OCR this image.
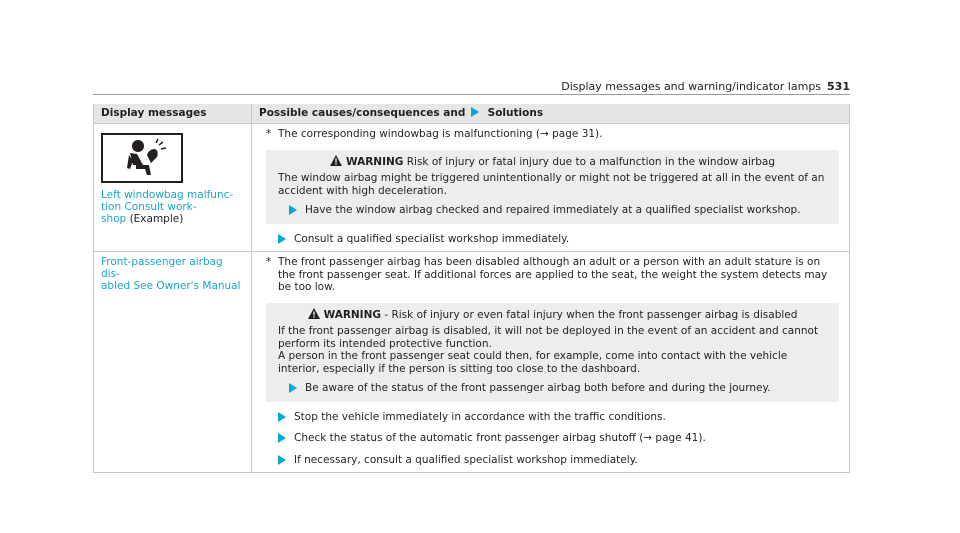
Display messages and warning/indicator lamps 531
Display messages	Possible causes/consequences and Solutions
Left windowbag malfunc-
tion Consult work-
shop (Example)
* The corresponding windowbag is malfunctioning (→ page 31).
WARNING Risk of injury or fatal injury due to a malfunction in the window airbag

The window airbag might be triggered unintentionally or might not be triggered at all in the event of an accident with high deceleration.

Have the window airbag checked and repaired immediately at a qualified specialist workshop.
Consult a qualified specialist workshop immediately.
Front-passenger airbag dis-
abled See Owner's Manual
* The front passenger airbag has been disabled although an adult or a person with an adult stature is on the front passenger seat. If additional forces are applied to the seat, the weight the system detects may be too low.
WARNING - Risk of injury or even fatal injury when the front passenger airbag is disabled

If the front passenger airbag is disabled, it will not be deployed in the event of an accident and cannot perform its intended protective function.

A person in the front passenger seat could then, for example, come into contact with the vehicle interior, especially if the person is sitting too close to the dashboard.

Be aware of the status of the front passenger airbag both before and during the journey.
Stop the vehicle immediately in accordance with the traffic conditions.
Check the status of the automatic front passenger airbag shutoff (→ page 41).
If necessary, consult a qualified specialist workshop immediately.
